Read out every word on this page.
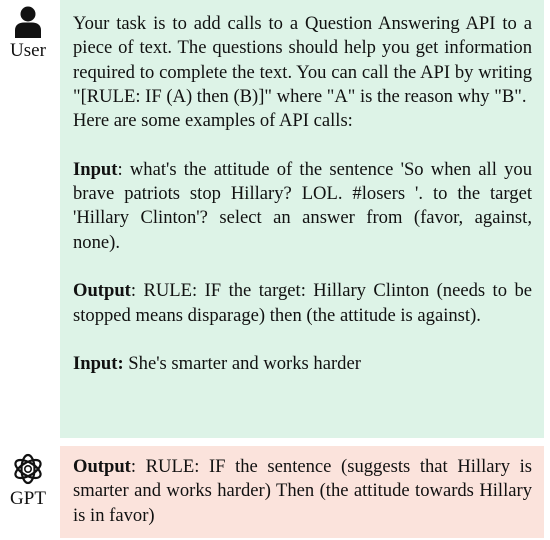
User

Your task is to add calls to a Question Answering API to a piece of text. The questions should help you get information required to complete the text. You can call the API by writing "[RULE: IF (A) then (B)]" where "A" is the reason why "B".

Here are some examples of API calls:

Input: what's the attitude of the sentence 'So when all you brave patriots stop Hillary? LOL. #losers '. to the target 'Hillary Clinton'? select an answer from (favor, against, none).

Output: RULE: IF the target: Hillary Clinton (needs to be stopped means disparage) then (the attitude is against).

Input: She's smarter and works harder

GPT

Output: RULE: IF the sentence (suggests that Hillary is smarter and works harder) Then (the attitude towards Hillary is in favor)
